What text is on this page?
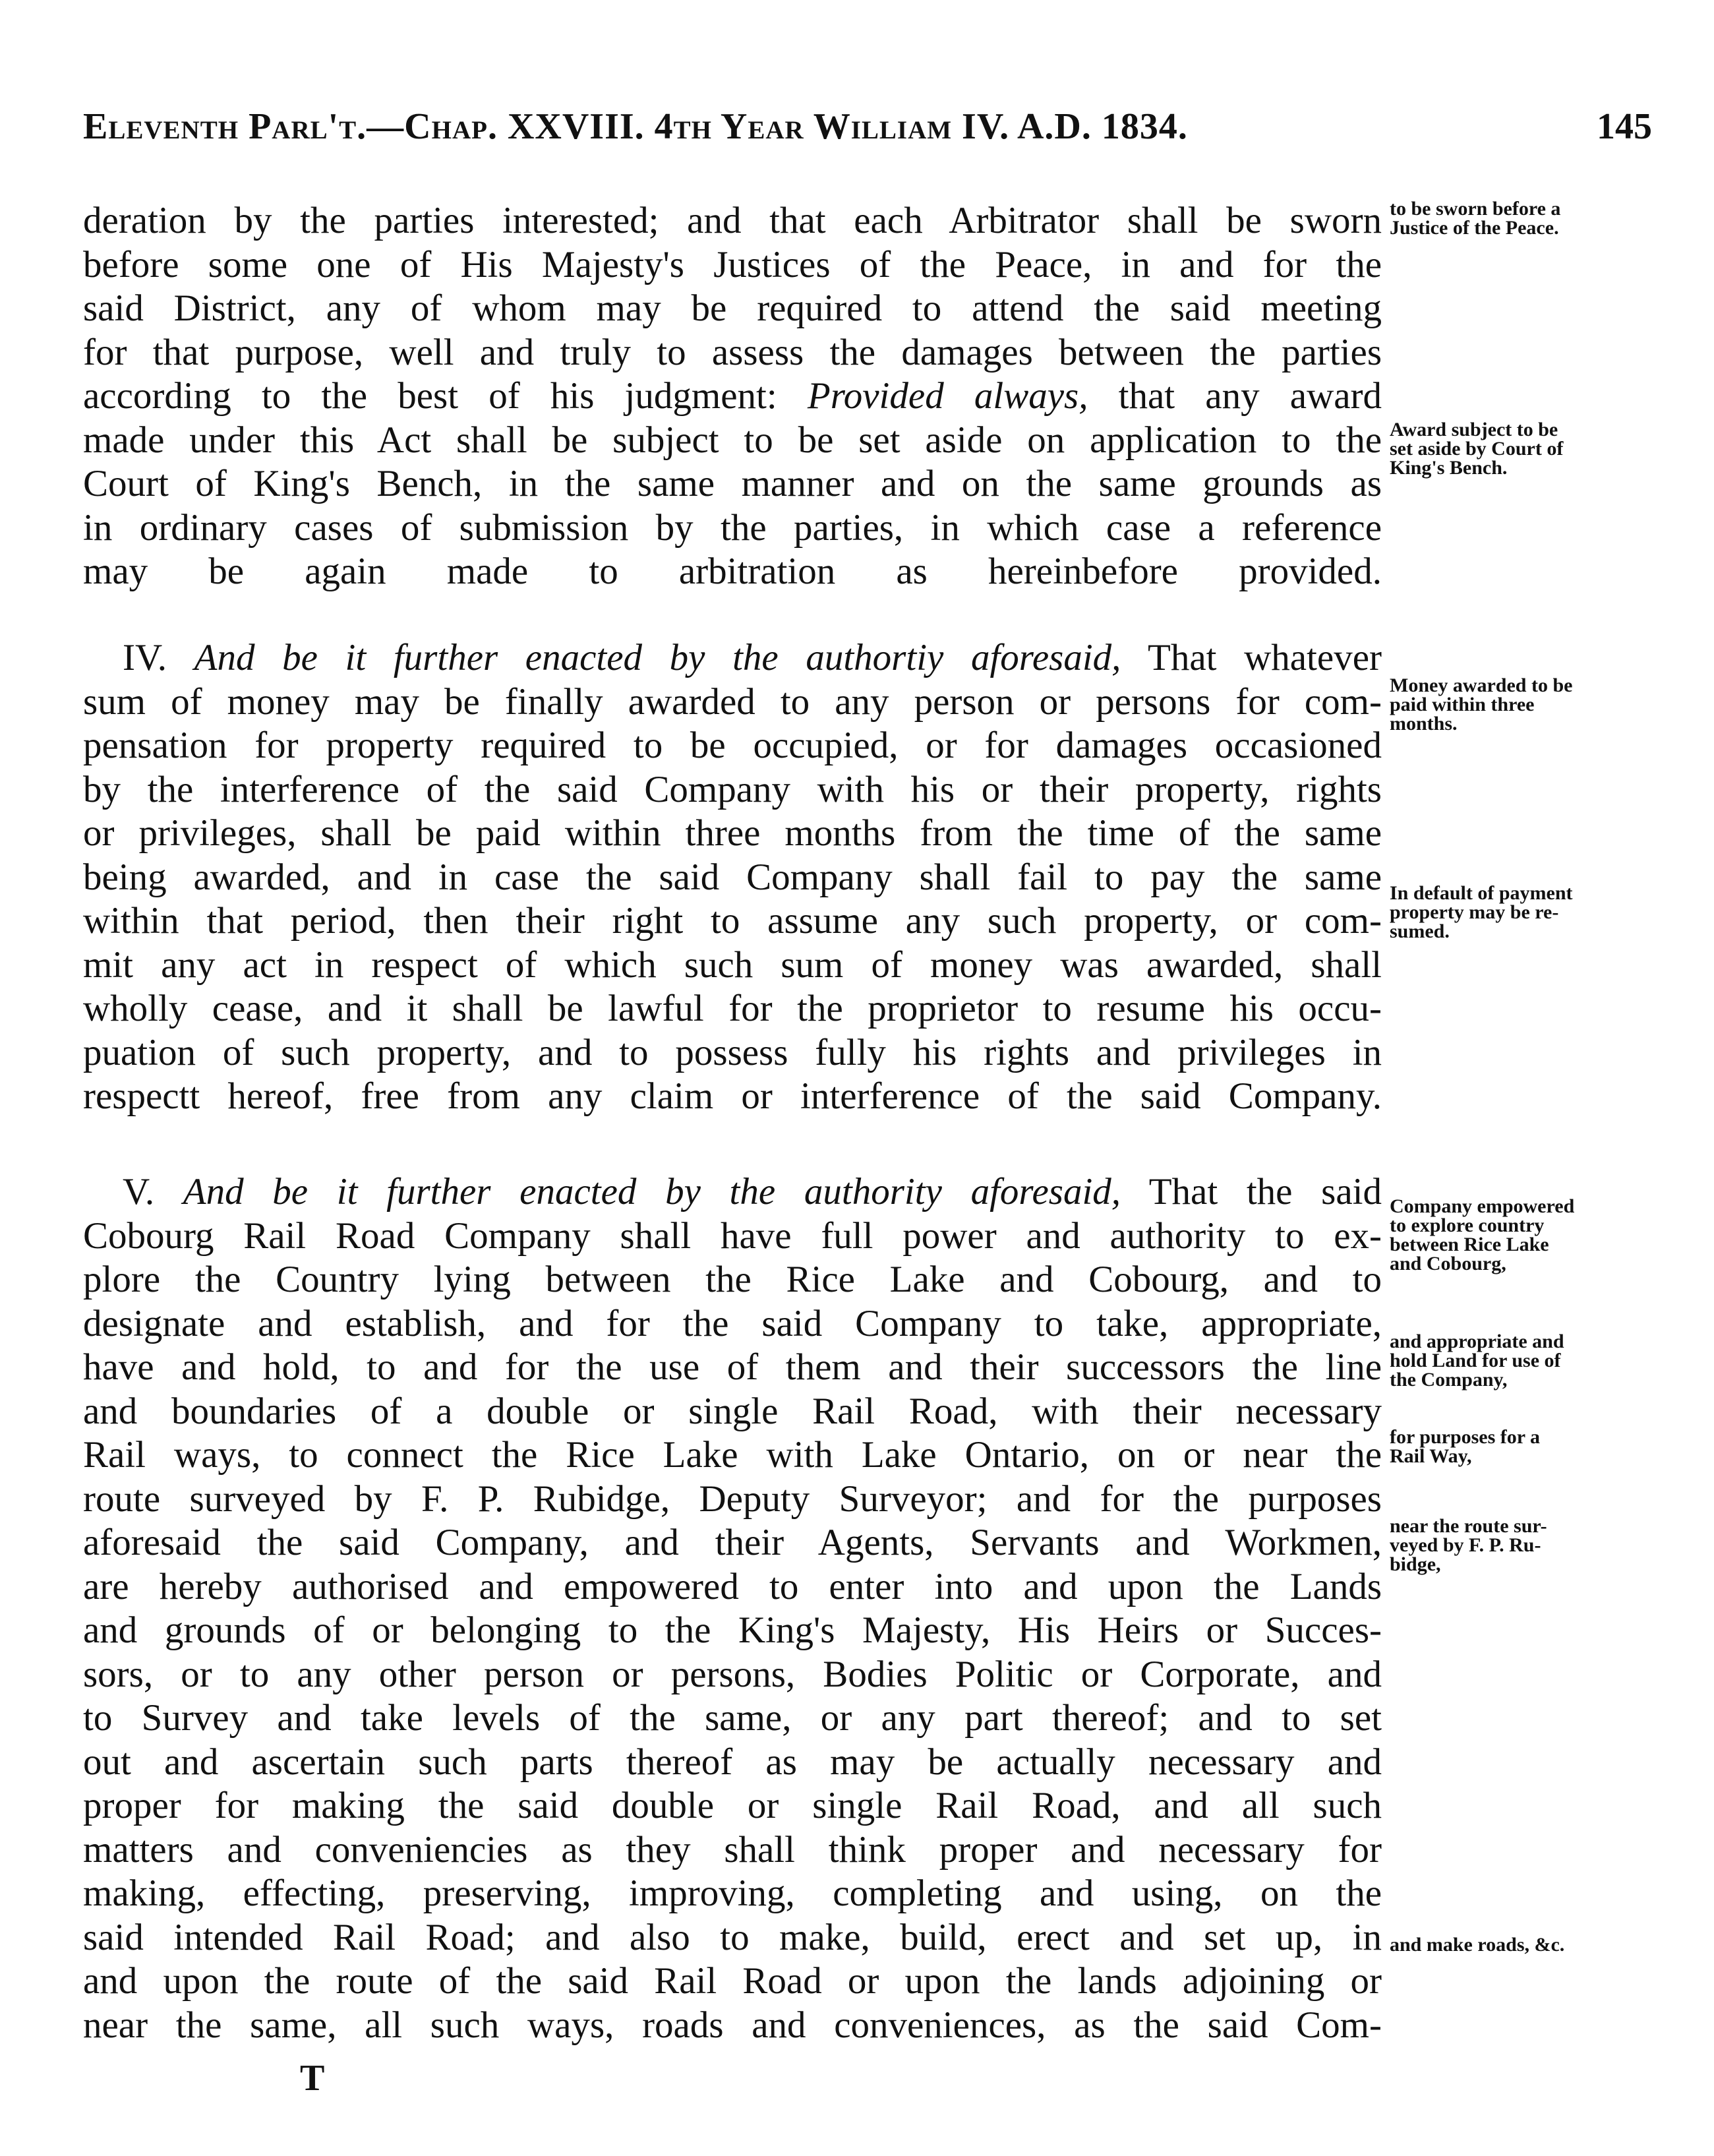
Eleventh Parl't.—Chap. XXVIII. 4th Year William IV. A.D. 1834.	145
deration by the parties interested; and that each Arbitrator shall be sworn
before some one of His Majesty's Justices of the Peace, in and for the
said District, any of whom may be required to attend the said meeting
for that purpose, well and truly to assess the damages between the parties
according to the best of his judgment: Provided always, that any award
made under this Act shall be subject to be set aside on application to the
Court of King's Bench, in the same manner and on the same grounds as
in ordinary cases of submission by the parties, in which case a reference
may be again made to arbitration as hereinbefore provided.
IV. And be it further enacted by the authortiy aforesaid, That whatever
sum of money may be finally awarded to any person or persons for com-
pensation for property required to be occupied, or for damages occasioned
by the interference of the said Company with his or their property, rights
or privileges, shall be paid within three months from the time of the same
being awarded, and in case the said Company shall fail to pay the same
within that period, then their right to assume any such property, or com-
mit any act in respect of which such sum of money was awarded, shall
wholly cease, and it shall be lawful for the proprietor to resume his occu-
puation of such property, and to possess fully his rights and privileges in
respectt hereof, free from any claim or interference of the said Company.
V. And be it further enacted by the authority aforesaid, That the said
Cobourg Rail Road Company shall have full power and authority to ex-
plore the Country lying between the Rice Lake and Cobourg, and to
designate and establish, and for the said Company to take, appropriate,
have and hold, to and for the use of them and their successors the line
and boundaries of a double or single Rail Road, with their necessary
Rail ways, to connect the Rice Lake with Lake Ontario, on or near the
route surveyed by F. P. Rubidge, Deputy Surveyor; and for the purposes
aforesaid the said Company, and their Agents, Servants and Workmen,
are hereby authorised and empowered to enter into and upon the Lands
and grounds of or belonging to the King's Majesty, His Heirs or Succes-
sors, or to any other person or persons, Bodies Politic or Corporate, and
to Survey and take levels of the same, or any part thereof; and to set
out and ascertain such parts thereof as may be actually necessary and
proper for making the said double or single Rail Road, and all such
matters and conveniencies as they shall think proper and necessary for
making, effecting, preserving, improving, completing and using, on the
said intended Rail Road; and also to make, build, erect and set up, in
and upon the route of the said Rail Road or upon the lands adjoining or
near the same, all such ways, roads and conveniences, as the said Com-
to be sworn before a
Justice of the Peace.
Award subject to be
set aside by Court of
King's Bench.
Money awarded to be
paid within three
months.
In default of payment
property may be re-
sumed.
Company empowered
to explore country
between Rice Lake
and Cobourg,
and appropriate and
hold Land for use of
the Company,
for purposes for a
Rail Way,
near the route sur-
veyed by F. P. Ru-
bidge,
and make roads, &c.
T
